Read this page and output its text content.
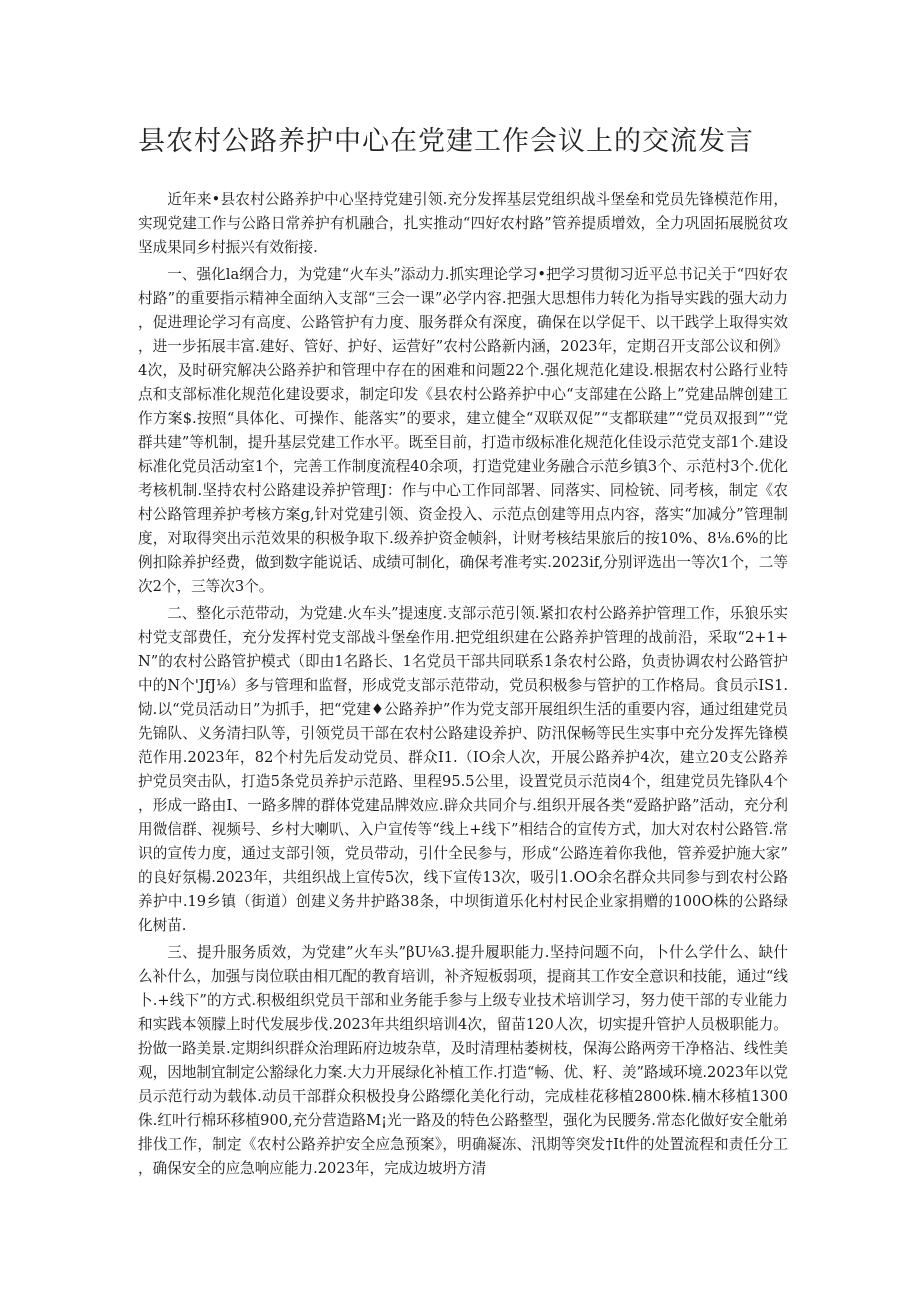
县农村公路养护中心在党建工作会议上的交流发言

近年来•县农村公路养护中心坚持党建引领.充分发挥基层党组织战斗堡垒和党员先锋模范作用，实现党建工作与公路日常养护有机融合，扎实推动“四好农村路”管养提质增效，全力巩固拓展脱贫攻坚成果同乡村振兴有效衔接.

一、强化la纲合力，为党建“火车头”添动力.抓实理论学习•把学习贯彻习近平总书记关于“四好农村路”的重要指示精神全面纳入支部“三会一课”必学内容.把强大思想伟力转化为指导实践的强大动力，促进理论学习有高度、公路管护有力度、服务群众有深度，确保在以学促干、以干践学上取得实效，进一步拓展丰富.建好、管好、护好、运营好”农村公路新内涵，2023年，定期召开支部公议和例》4次，及时研究解决公路养护和管理中存在的困难和问题22个.强化规范化建设.根据农村公路行业特点和支部标准化规范化建设要求，制定印发《县农村公路养护中心“支部建在公路上”党建品牌创建工作方案$.按照“具体化、可操作、能落实”的要求，建立健全“双联双促”“支都联建”“党员双报到”“党群共建”等机制，提升基层党建工作水平。既至目前，打造市级标准化规范化佳设示范党支部1个.建设标准化党员活动室1个，完善工作制度流程40余项，打造党建业务融合示范乡镇3个、示范村3个.优化考核机制.坚持农村公路建设养护管理J：作与中心工作同部署、同落实、同检铳、同考核，制定《农村公路管理养护考核方案g,针对党建引领、资金投入、示范点创建等用点内容，落实“加减分”管理制度，对取得突出示范效果的积极争取下.级养护资金帧斜，计财考核结果旅后的按10%、8⅛.6%的比例扣除养护经费，做到数字能说话、成绩可制化，确保考准考实.2023if,分别评选出一等次1个，二等次2个，三等次3个。

二、整化示范带动，为党建.火车头”提速度.支部示范引领.紧扣农村公路养护管理工作，乐狼乐实村党支部费任，充分发挥村党支部战斗堡垒作用.把党组织建在公路养护管理的战前沿，采取“2+1+N”的农村公路管护模式（即由1名路长、1名党员干部共同联系1条农村公路，负责协调农村公路管护中的N个'JfJ⅛）多与管理和监督，形成党支部示范带动，党员积极参与管护的工作格局。食员示IS1.恸.以“党员活动日”为抓手，把“党建♦公路养护”作为党支部开展组织生活的重要内容，通过组建党员先锦队、义务清扫队等，引领党员干部在农村公路建设养护、防汛保畅等民生实事中充分发挥先锋模范作用.2023年，82个村先后发动党员、群众I1.（IO余人次，开展公路养护4次，建立20支公路养护党员突击队，打造5条党员养护示范路、里程95.5公里，设置党员示范岗4个，组建党员先锋队4个，形成一路由I、一路多牌的群体党建品牌效应.辟众共同介与.组织开展各类“爱路护路”活动，充分利用微信群、视频号、乡村大喇叭、入户宣传等“线上+线下”相结合的宣传方式，加大对农村公路管.常识的宣传力度，通过支部引领，党员带动，引什全民参与，形成“公路连着你我他，管养爱护施大家”的良好氛楊.2023年，共组织战上宣传5次，线下宣传13次，吸引1.OO余名群众共同参与到农村公路养护中.19乡镇（街道）创建义务井护路38条，中坝街道乐化村村民企业家捐赠的100O株的公路绿化树苗.

三、提升服务质效，为党建”火车头”βU⅛3.提升履职能力.坚持问题不向，卜什么学什么、缺什么补什么，加强与岗位联由相兀配的教育培训，补齐短板弱项，提商其工作安全意识和技能，通过“线卜.+线下”的方式.积极组织党员干部和业务能手参与上级专业技术培训学习，努力使干部的专业能力和实践本领朦上时代发展步伐.2023年共组织培训4次，留苗120人次，切实提升管护人员极职能力。扮做一路美景.定期纠织群众治理跖府边坡杂草，及时清理枯萎树枝，保海公路两旁干净格沾、线性美观，因地制宜制定公豁绿化力案.大力开展绿化补植工作.打造“畅、优、籽、羙”路域环境.2023年以党员示范行动为载体.动员干部群众积极投身公路缥化美化行动，完成桂花移植2800株.楠木移植1300侏.红叶行棉环移植900,充分营造路M¡光一路及的特色公路整型，强化为民腰务.常态化做好安全舭弟排伐工作，制定《农村公路养护安全应急预案》，明确凝冻、汛期等突发†It件的处置流程和责任分工，确保安全的应急响应能力.2023年，完成边坡坍方清
